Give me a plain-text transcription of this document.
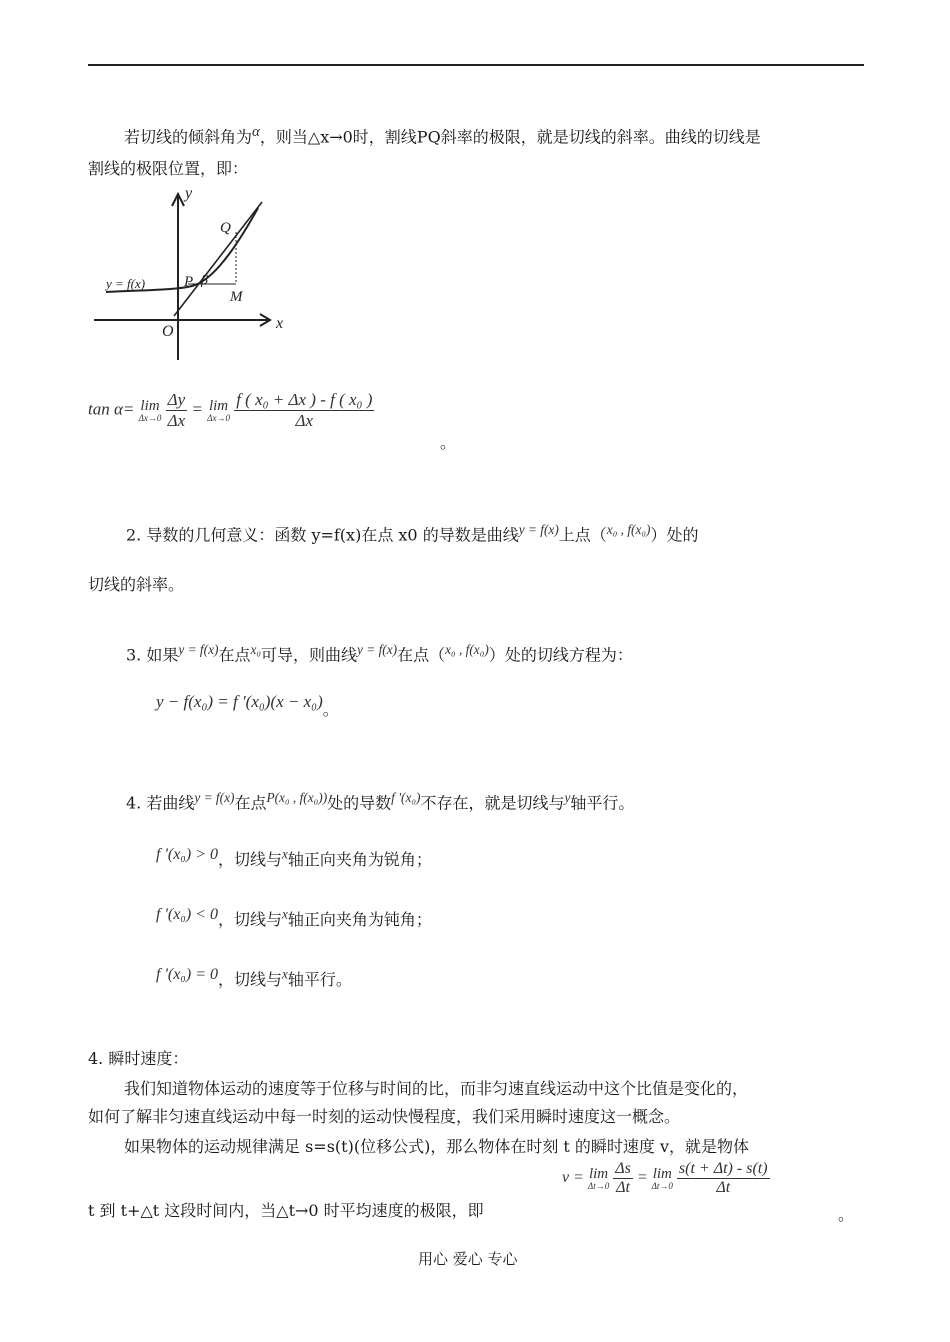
若切线的倾斜角为$^\alpha$，则当△x→0时，割线PQ斜率的极限，就是切线的斜率。曲线的切线是
割线的极限位置，即：
y
x
O
P
Q
M
β
y = f(x)
tan α= lim
Δx→0
$\frac{\Delta y}{\Delta x} = \lim$
Δx→0
$\frac{\text{f ( x₀ + Δx ) - f ( x₀ )}}{\Delta x}$
。
2. 导数的几何意义：函数 y=f(x)在点 x0 的导数是曲线$^{y = f(x)}$上点（$^{x_0 , f(x_0)}$）处的
切线的斜率。
3. 如果$^{y = f(x)}$在点$^{x_0}$可导，则曲线$^{y = f(x)}$在点（$^{x_0 , f(x_0)}$）处的切线方程为：
y − f(x₀) = f ′(x₀)(x − x₀)。
4. 若曲线$^{y = f(x)}$在点$^{P(x_0 , f(x_0))}$处的导数$^{f '(x_0)}$不存在，就是切线与$^y$轴平行。
f '(x₀) > 0，切线与$^x$轴正向夹角为锐角；
f '(x₀) < 0，切线与$^x$轴正向夹角为钝角；
f '(x₀) = 0，切线与$^x$轴平行。
4. 瞬时速度：
我们知道物体运动的速度等于位移与时间的比，而非匀速直线运动中这个比值是变化的，
如何了解非匀速直线运动中每一时刻的运动快慢程度，我们采用瞬时速度这一概念。
如果物体的运动规律满足 s=s(t)(位移公式)，那么物体在时刻 t 的瞬时速度 v，就是物体
t 到 t+△t 这段时间内，当△t→0 时平均速度的极限，即
v = lim
Δt→0
$\frac{\Delta s}{\Delta t} = \lim$
Δt→0
$\frac{s(t + \Delta t) - s(t)}{\Delta t}$
。
用心 爱心 专心
